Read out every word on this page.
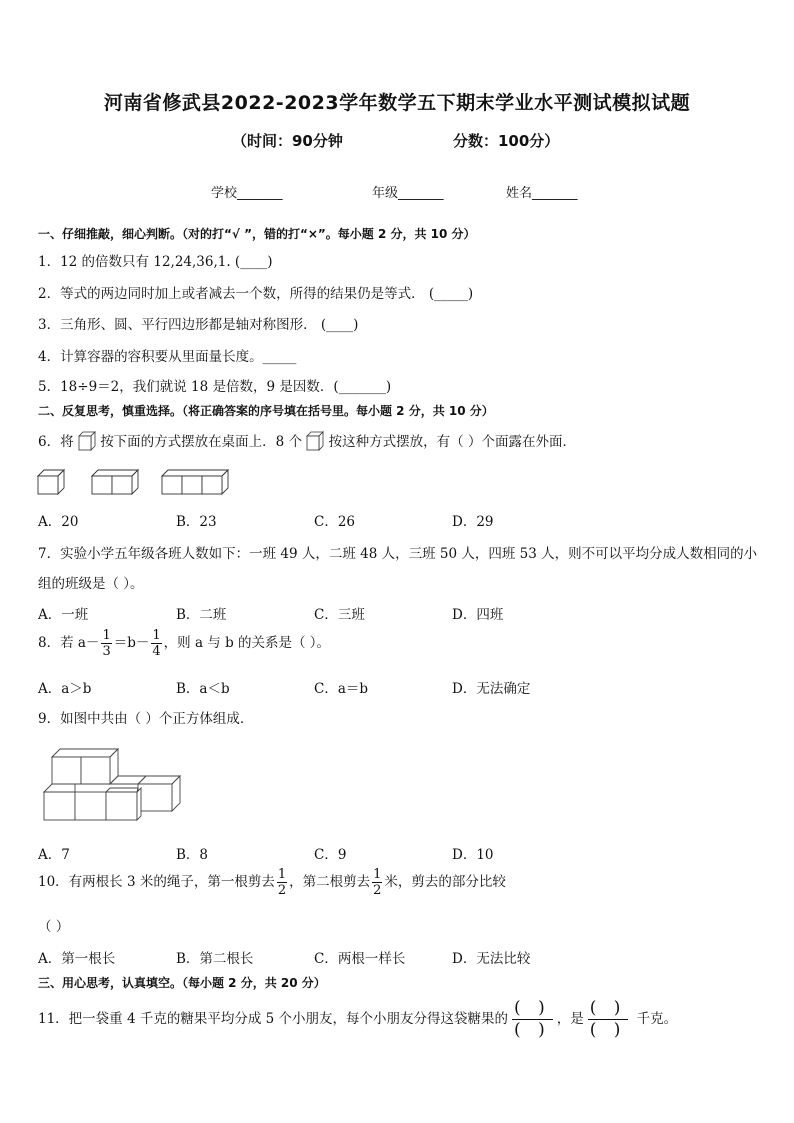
河南省修武县2022-2023学年数学五下期末学业水平测试模拟试题
（时间：90分钟	分数：100分）
学校_______	年级_______	姓名_______
一、仔细推敲，细心判断。（对的打“√ ”，错的打“×”。每小题 2 分，共 10 分）
1．12 的倍数只有 12,24,36,1. (____)
2．等式的两边同时加上或者减去一个数，所得的结果仍是等式． (_____)
3．三角形、圆、平行四边形都是轴对称图形． (____)
4．计算容器的容积要从里面量长度。_____
5．18÷9＝2，我们就说 18 是倍数，9 是因数．(_______)
二、反复思考，慎重选择。（将正确答案的序号填在括号里。每小题 2 分，共 10 分）
6．将 按下面的方式摆放在桌面上．8 个 按这种方式摆放，有（ ）个面露在外面．
A．20	B．23	C．26	D．29
7．实验小学五年级各班人数如下：一班 49 人，二班 48 人，三班 50 人，四班 53 人，则不可以平均分成人数相同的小
组的班级是（ ）。
A．一班	B．二班	C．三班	D．四班
8．若 $a- \frac{1}{3} =b- \frac{1}{4}$ ，则 a 与 b 的关系是（ ）。
A．a＞b	B．a＜b	C．a＝b	D．无法确定
9．如图中共由（ ）个正方体组成．
A．7	B．8	C．9	D．10
10．有两根长 3 米的绳子，第一根剪去 $\frac{1}{2}$ ，第二根剪去 $\frac{1}{2}$ 米，剪去的部分比较
（ ）
A．第一根长	B．第二根长	C．两根一样长	D．无法比较
三、用心思考，认真填空。（每小题 2 分，共 20 分）
11．把一袋重 4 千克的糖果平均分成 5 个小朋友，每个小朋友分得这袋糖果的
( )
( )
，是
( )
( )
千克。
